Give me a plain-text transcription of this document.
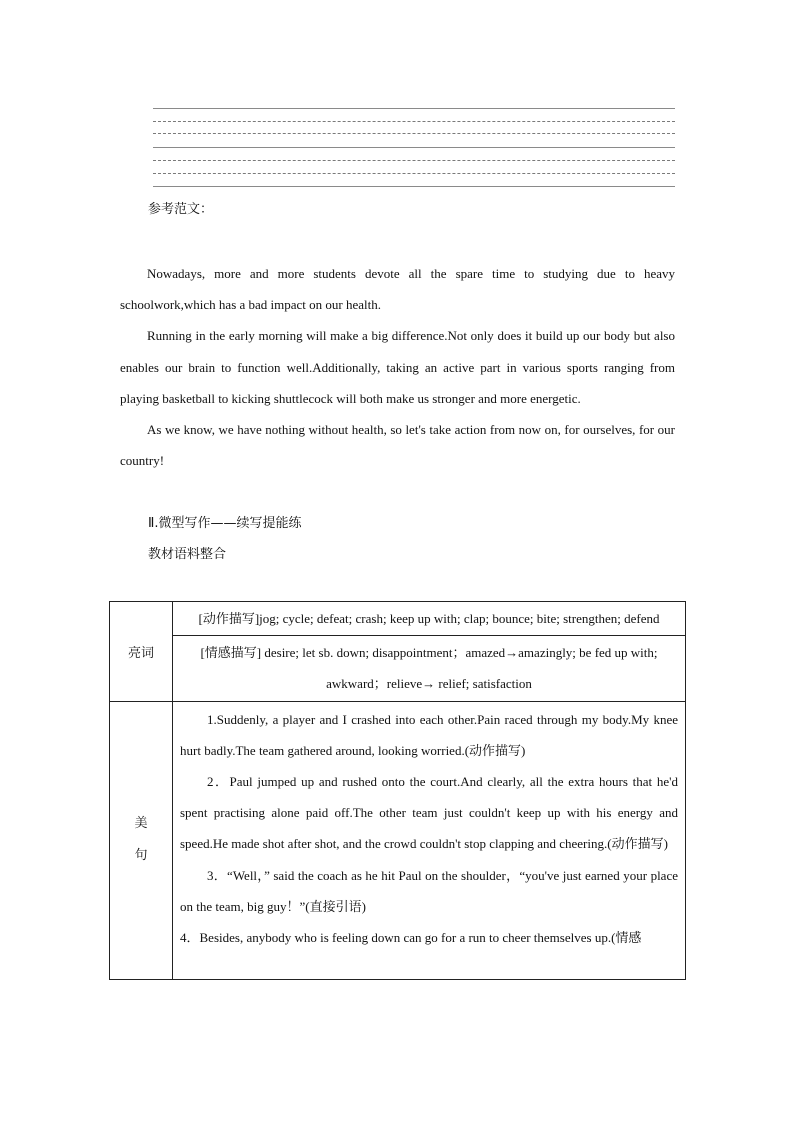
参考范文：

Nowadays, more and more students devote all the spare time to studying due to heavy schoolwork,which has a bad impact on our health.

Running in the early morning will make a big difference.Not only does it build up our body but also enables our brain to function well.Additionally, taking an active part in various sports ranging from playing basketball to kicking shuttlecock will both make us stronger and more energetic.

As we know, we have nothing without health, so let's take action from now on, for ourselves, for our country!

Ⅱ.微型写作——续写提能练
教材语料整合
亮词	[动作描写]jog; cycle; defeat; crash; keep up with; clap; bounce; bite; strengthen; defend
	[情感描写] desire; let sb. down; disappointment；amazed→amazingly; be fed up with; awkward；relieve→ relief; satisfaction
美句	1.Suddenly, a player and I crashed into each other.Pain raced through my body.My knee hurt badly.The team gathered around, looking worried.(动作描写)

2．Paul jumped up and rushed onto the court.And clearly, all the extra hours that he'd spent practising alone paid off.The other team just couldn't keep up with his energy and speed.He made shot after shot, and the crowd couldn't stop clapping and cheering.(动作描写)

3．“Well，” said the coach as he hit Paul on the shoulder，“you've just earned your place on the team, big guy！”(直接引语)

4．Besides, anybody who is feeling down can go for a run to cheer themselves up.(情感
